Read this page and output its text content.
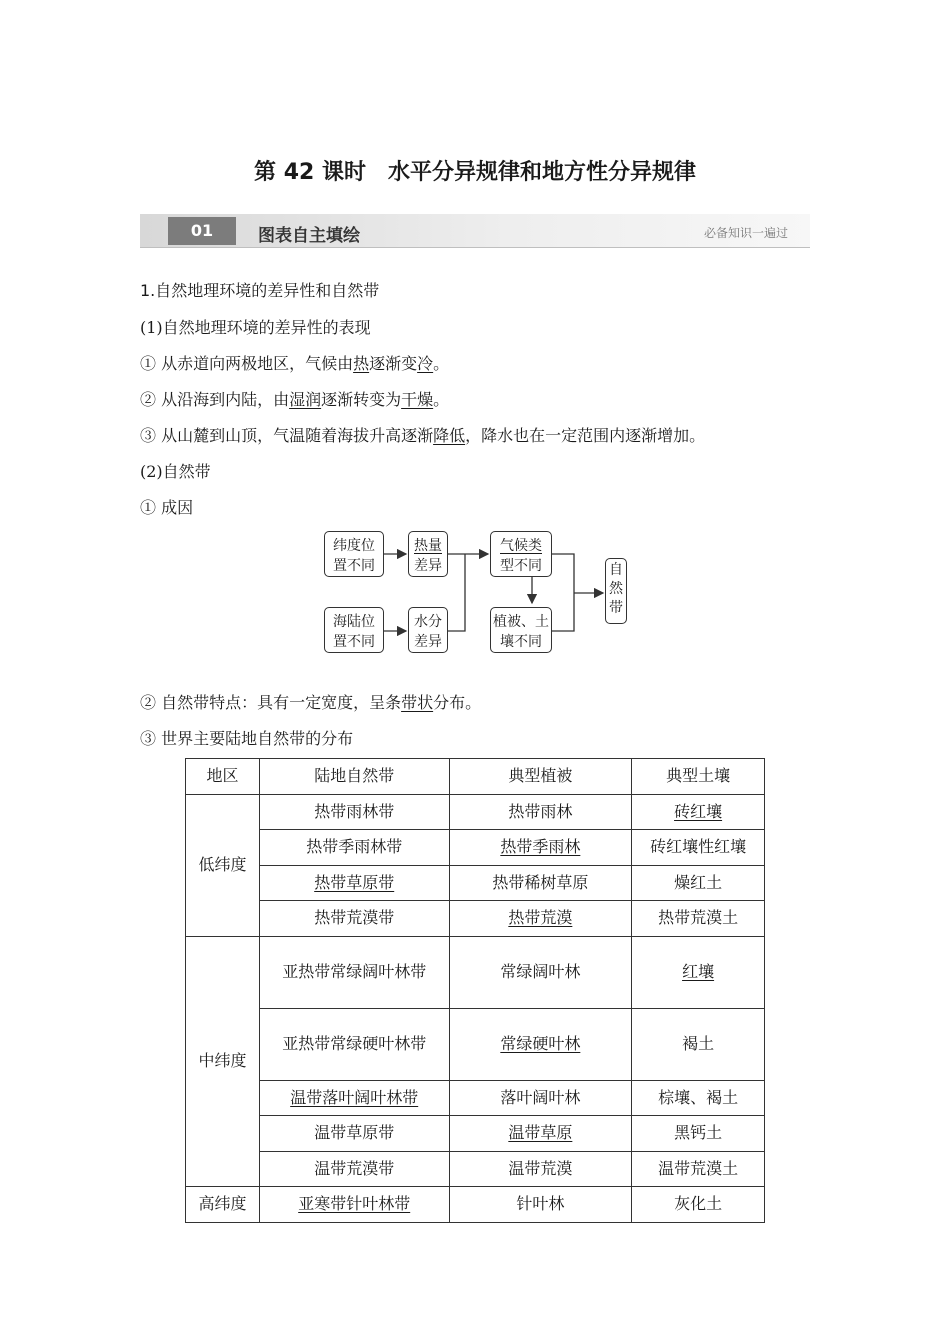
第 42 课时　水平分异规律和地方性分异规律
01	图表自主填绘	必备知识一遍过
1.自然地理环境的差异性和自然带
(1)自然地理环境的差异性的表现
① 从赤道向两极地区，气候由热逐渐变冷。
② 从沿海到内陆，由湿润逐渐转变为干燥。
③ 从山麓到山顶，气温随着海拔升高逐渐降低，降水也在一定范围内逐渐增加。
(2)自然带
① 成因
纬度位
置不同
热量
差异
气候类
型不同
海陆位
置不同
水分
差异
植被、土
壤不同
自
然
带
② 自然带特点：具有一定宽度，呈条带状分布。
③ 世界主要陆地自然带的分布
地区	陆地自然带	典型植被	典型土壤
低纬度	热带雨林带	热带雨林	砖红壤
	热带季雨林带	热带季雨林	砖红壤性红壤
	热带草原带	热带稀树草原	燥红土
	热带荒漠带	热带荒漠	热带荒漠土
中纬度	亚热带常绿阔叶林带	常绿阔叶林	红壤
	亚热带常绿硬叶林带	常绿硬叶林	褐土
	温带落叶阔叶林带	落叶阔叶林	棕壤、褐土
	温带草原带	温带草原	黑钙土
	温带荒漠带	温带荒漠	温带荒漠土
高纬度	亚寒带针叶林带	针叶林	灰化土
